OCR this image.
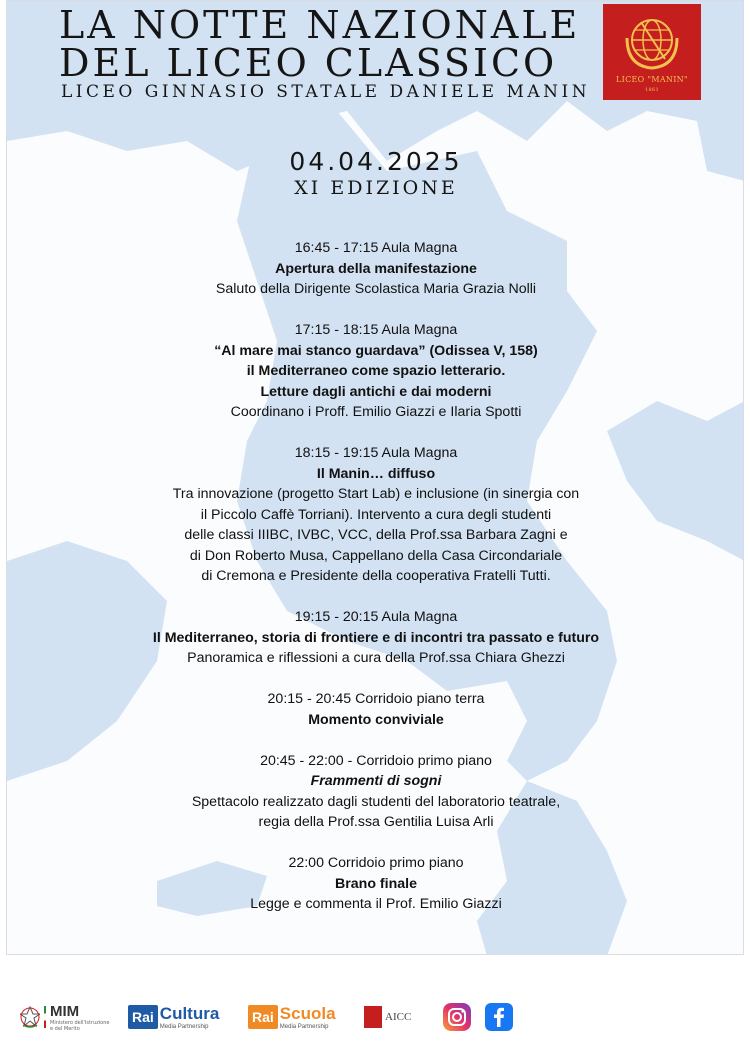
LA NOTTE NAZIONALE
DEL LICEO CLASSICO
LICEO GINNASIO STATALE DANIELE MANIN
LICEO "MANIN"
1861
04.04.2025
XI EDIZIONE
16:45 - 17:15 Aula Magna
Apertura della manifestazione
Saluto della Dirigente Scolastica Maria Grazia Nolli
17:15 - 18:15 Aula Magna
“Al mare mai stanco guardava” (Odissea V, 158)
il Mediterraneo come spazio letterario.
Letture dagli antichi e dai moderni
Coordinano i Proff. Emilio Giazzi e Ilaria Spotti
18:15 - 19:15 Aula Magna
Il Manin… diffuso
Tra innovazione (progetto Start Lab) e inclusione (in sinergia con
il Piccolo Caffè Torriani). Intervento a cura degli studenti
delle classi IIIBC, IVBC, VCC, della Prof.ssa Barbara Zagni e
di Don Roberto Musa, Cappellano della Casa Circondariale
di Cremona e Presidente della cooperativa Fratelli Tutti.
19:15 - 20:15 Aula Magna
Il Mediterraneo, storia di frontiere e di incontri tra passato e futuro
Panoramica e riflessioni a cura della Prof.ssa Chiara Ghezzi
20:15 - 20:45 Corridoio piano terra
Momento conviviale
20:45 - 22:00 - Corridoio primo piano
Frammenti di sogni
Spettacolo realizzato dagli studenti del laboratorio teatrale,
regia della Prof.ssa Gentilia Luisa Arli
22:00 Corridoio primo piano
Brano finale
Legge e commenta il Prof. Emilio Giazzi
MIM
Ministero dell'Istruzione
e del Merito
Rai Cultura
Media Partnership
Rai Scuola
Media Partnership
AICC
